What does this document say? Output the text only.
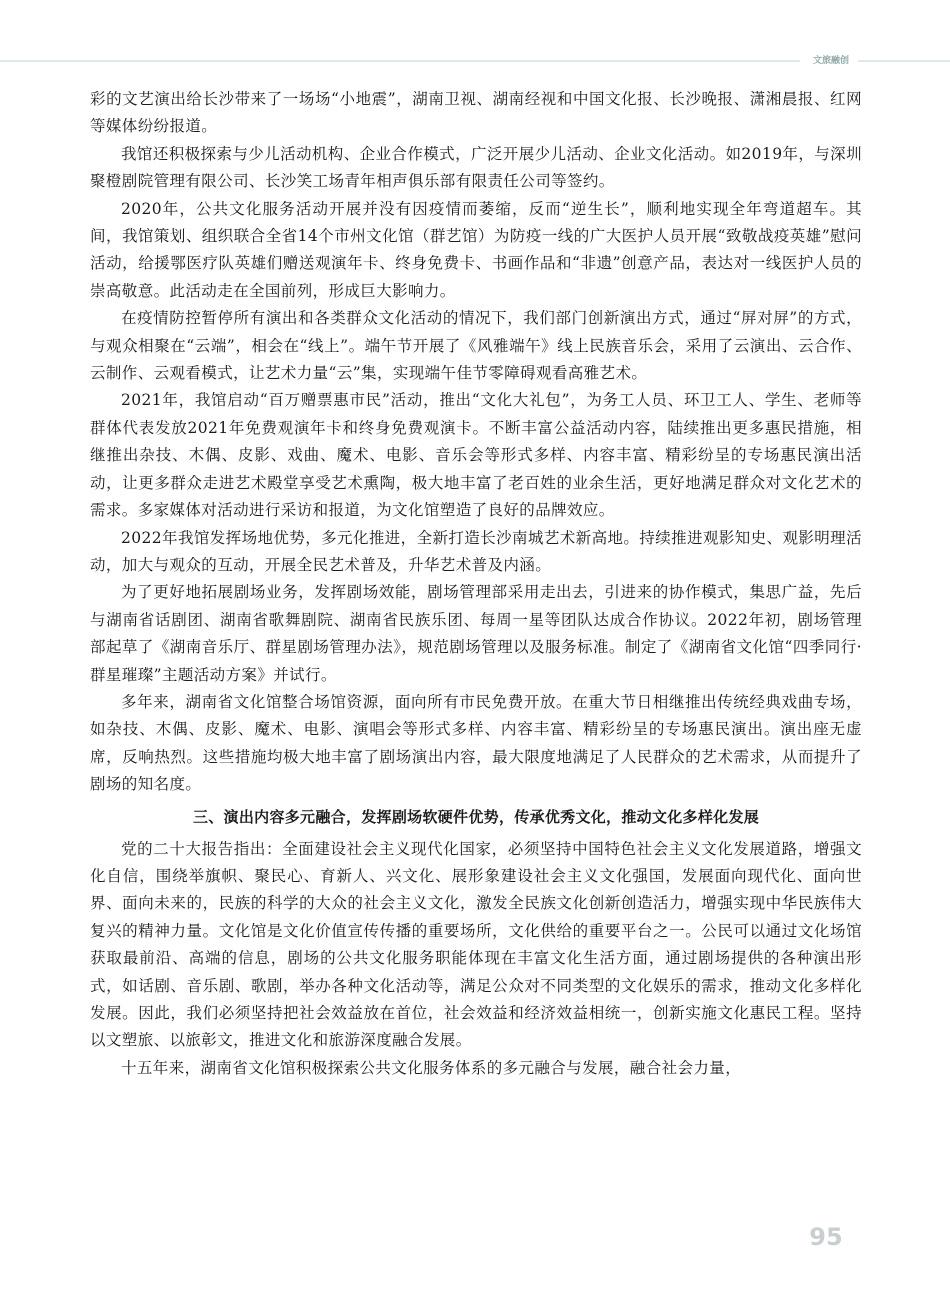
文旅融创

彩的文艺演出给长沙带来了一场场“小地震”，湖南卫视、湖南经视和中国文化报、长沙晚报、潇湘晨报、红网等媒体纷纷报道。

我馆还积极探索与少儿活动机构、企业合作模式，广泛开展少儿活动、企业文化活动。如2019年，与深圳聚橙剧院管理有限公司、长沙笑工场青年相声俱乐部有限责任公司等签约。

2020年，公共文化服务活动开展并没有因疫情而萎缩，反而“逆生长”，顺利地实现全年弯道超车。其间，我馆策划、组织联合全省14个市州文化馆（群艺馆）为防疫一线的广大医护人员开展“致敬战疫英雄”慰问活动，给援鄂医疗队英雄们赠送观演年卡、终身免费卡、书画作品和“非遗”创意产品，表达对一线医护人员的崇高敬意。此活动走在全国前列，形成巨大影响力。

在疫情防控暂停所有演出和各类群众文化活动的情况下，我们部门创新演出方式，通过“屏对屏”的方式，与观众相聚在“云端”，相会在“线上”。端午节开展了《风雅端午》线上民族音乐会，采用了云演出、云合作、云制作、云观看模式，让艺术力量“云”集，实现端午佳节零障碍观看高雅艺术。

2021年，我馆启动“百万赠票惠市民”活动，推出“文化大礼包”，为务工人员、环卫工人、学生、老师等群体代表发放2021年免费观演年卡和终身免费观演卡。不断丰富公益活动内容，陆续推出更多惠民措施，相继推出杂技、木偶、皮影、戏曲、魔术、电影、音乐会等形式多样、内容丰富、精彩纷呈的专场惠民演出活动，让更多群众走进艺术殿堂享受艺术熏陶，极大地丰富了老百姓的业余生活，更好地满足群众对文化艺术的需求。多家媒体对活动进行采访和报道，为文化馆塑造了良好的品牌效应。

2022年我馆发挥场地优势，多元化推进，全新打造长沙南城艺术新高地。持续推进观影知史、观影明理活动，加大与观众的互动，开展全民艺术普及，升华艺术普及内涵。

为了更好地拓展剧场业务，发挥剧场效能，剧场管理部采用走出去，引进来的协作模式，集思广益，先后与湖南省话剧团、湖南省歌舞剧院、湖南省民族乐团、每周一星等团队达成合作协议。2022年初，剧场管理部起草了《湖南音乐厅、群星剧场管理办法》，规范剧场管理以及服务标准。制定了《湖南省文化馆“四季同行·群星璀璨”主题活动方案》并试行。

多年来，湖南省文化馆整合场馆资源，面向所有市民免费开放。在重大节日相继推出传统经典戏曲专场，如杂技、木偶、皮影、魔术、电影、演唱会等形式多样、内容丰富、精彩纷呈的专场惠民演出。演出座无虚席，反响热烈。这些措施均极大地丰富了剧场演出内容，最大限度地满足了人民群众的艺术需求，从而提升了剧场的知名度。

三、演出内容多元融合，发挥剧场软硬件优势，传承优秀文化，推动文化多样化发展

党的二十大报告指出：全面建设社会主义现代化国家，必须坚持中国特色社会主义文化发展道路，增强文化自信，围绕举旗帜、聚民心、育新人、兴文化、展形象建设社会主义文化强国，发展面向现代化、面向世界、面向未来的，民族的科学的大众的社会主义文化，激发全民族文化创新创造活力，增强实现中华民族伟大复兴的精神力量。文化馆是文化价值宣传传播的重要场所，文化供给的重要平台之一。公民可以通过文化场馆获取最前沿、高端的信息，剧场的公共文化服务职能体现在丰富文化生活方面，通过剧场提供的各种演出形式，如话剧、音乐剧、歌剧，举办各种文化活动等，满足公众对不同类型的文化娱乐的需求，推动文化多样化发展。因此，我们必须坚持把社会效益放在首位，社会效益和经济效益相统一，创新实施文化惠民工程。坚持以文塑旅、以旅彰文，推进文化和旅游深度融合发展。

十五年来，湖南省文化馆积极探索公共文化服务体系的多元融合与发展，融合社会力量，

95
